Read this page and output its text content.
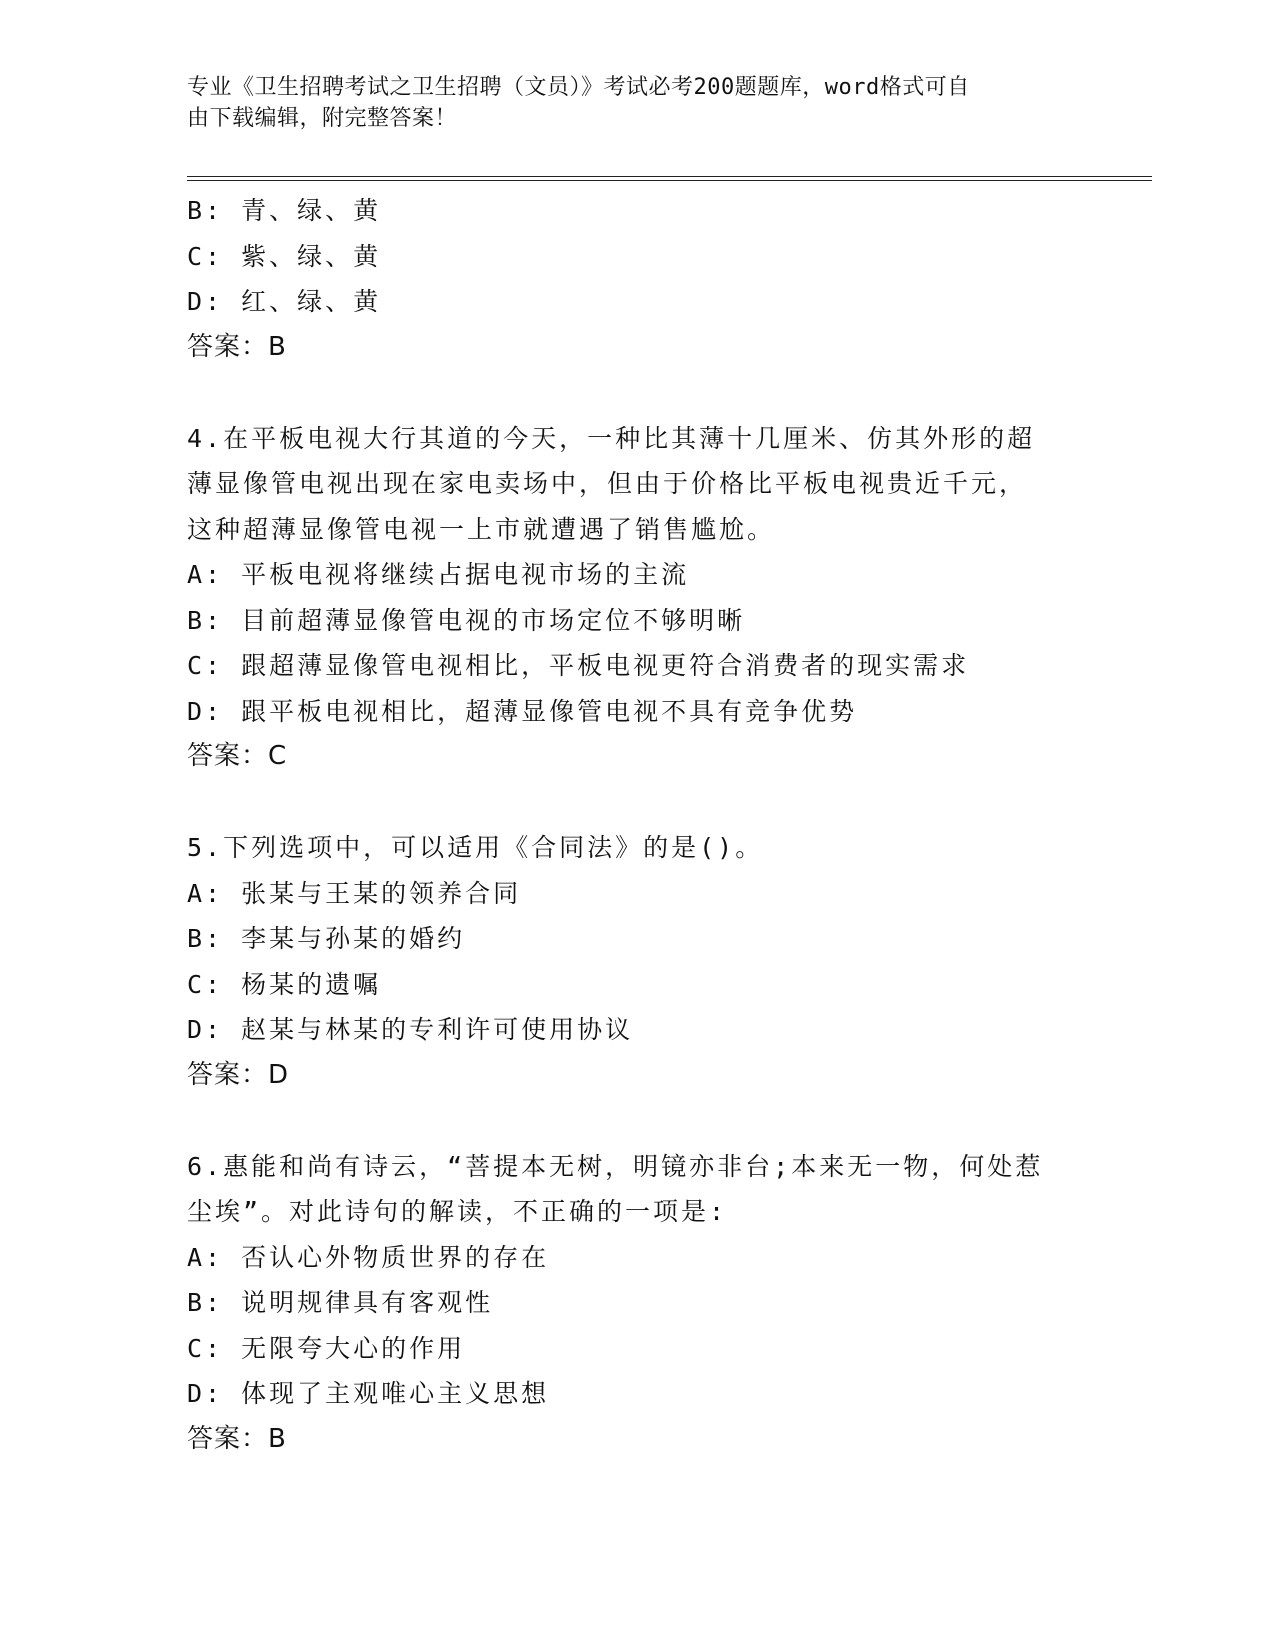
专业《卫生招聘考试之卫生招聘（文员）》考试必考200题题库，word格式可自
由下载编辑，附完整答案！
B: 青、绿、黄
C: 紫、绿、黄
D: 红、绿、黄
答案：B
4.在平板电视大行其道的今天，一种比其薄十几厘米、仿其外形的超
薄显像管电视出现在家电卖场中，但由于价格比平板电视贵近千元，
这种超薄显像管电视一上市就遭遇了销售尴尬。
A: 平板电视将继续占据电视市场的主流
B: 目前超薄显像管电视的市场定位不够明晰
C: 跟超薄显像管电视相比，平板电视更符合消费者的现实需求
D: 跟平板电视相比，超薄显像管电视不具有竞争优势
答案：C
5.下列选项中，可以适用《合同法》的是()。
A: 张某与王某的领养合同
B: 李某与孙某的婚约
C: 杨某的遗嘱
D: 赵某与林某的专利许可使用协议
答案：D
6.惠能和尚有诗云，“菩提本无树，明镜亦非台;本来无一物，何处惹
尘埃”。对此诗句的解读，不正确的一项是:
A: 否认心外物质世界的存在
B: 说明规律具有客观性
C: 无限夸大心的作用
D: 体现了主观唯心主义思想
答案：B
